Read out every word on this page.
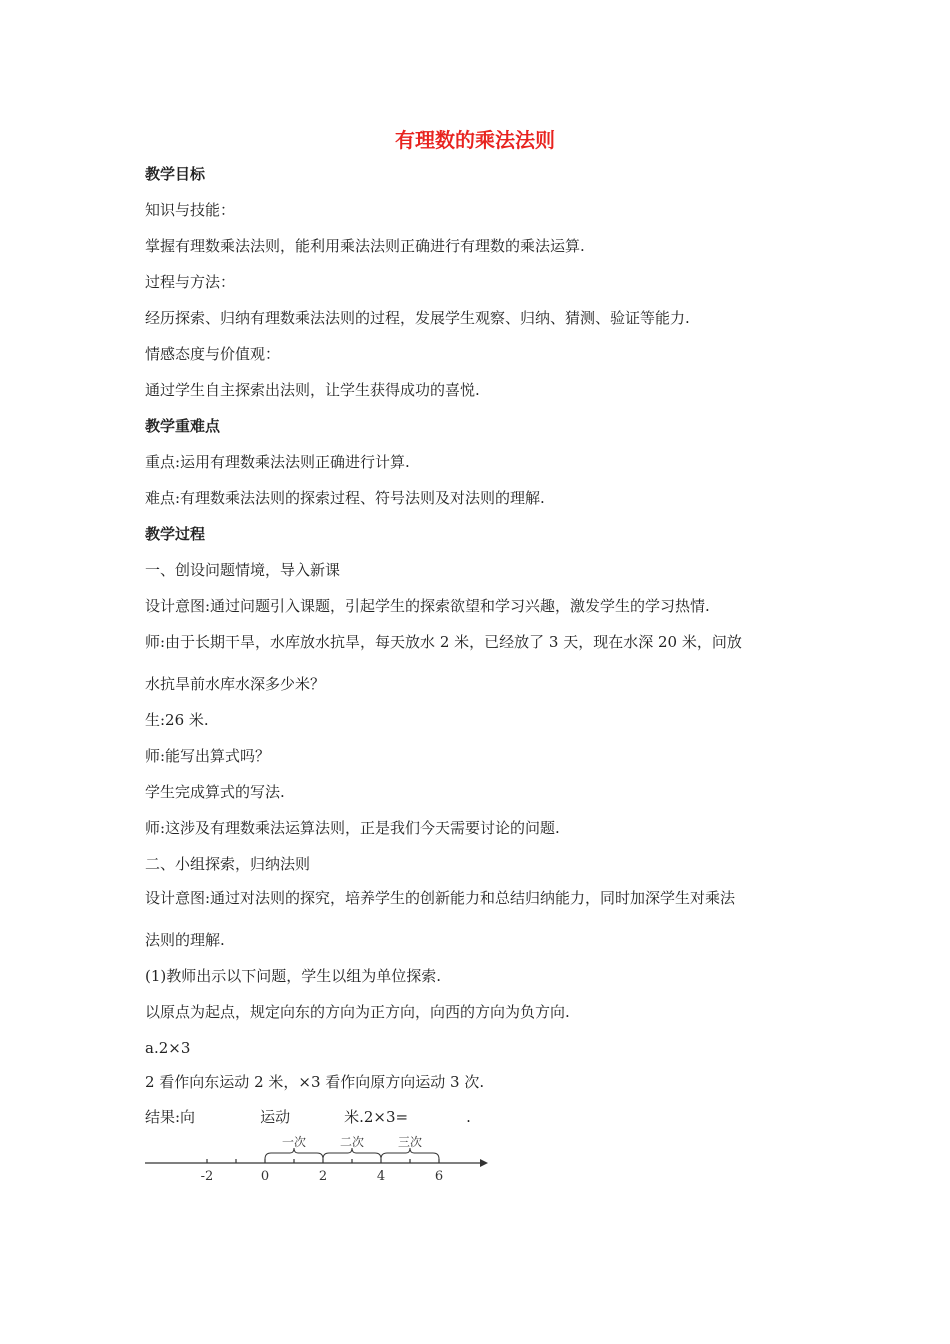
有理数的乘法法则
教学目标
知识与技能：
掌握有理数乘法法则，能利用乘法法则正确进行有理数的乘法运算.
过程与方法：
经历探索、归纳有理数乘法法则的过程，发展学生观察、归纳、猜测、验证等能力.
情感态度与价值观：
通过学生自主探索出法则，让学生获得成功的喜悦.
教学重难点
重点:运用有理数乘法法则正确进行计算.
难点:有理数乘法法则的探索过程、符号法则及对法则的理解.
教学过程
一、创设问题情境，导入新课
设计意图:通过问题引入课题，引起学生的探索欲望和学习兴趣，激发学生的学习热情.
师:由于长期干旱，水库放水抗旱，每天放水 2 米，已经放了 3 天，现在水深 20 米，问放
水抗旱前水库水深多少米？
生:26 米.
师:能写出算式吗？
学生完成算式的写法.
师:这涉及有理数乘法运算法则，正是我们今天需要讨论的问题.
二、小组探索，归纳法则
设计意图:通过对法则的探究，培养学生的创新能力和总结归纳能力，同时加深学生对乘法
法则的理解.
(1)教师出示以下问题，学生以组为单位探索.
以原点为起点，规定向东的方向为正方向，向西的方向为负方向.
a.2×3
2 看作向东运动 2 米，×3 看作向原方向运动 3 次.
结果:向	运动	米.2×3=	.
-2	0	2	4	6
一次	二次	三次
